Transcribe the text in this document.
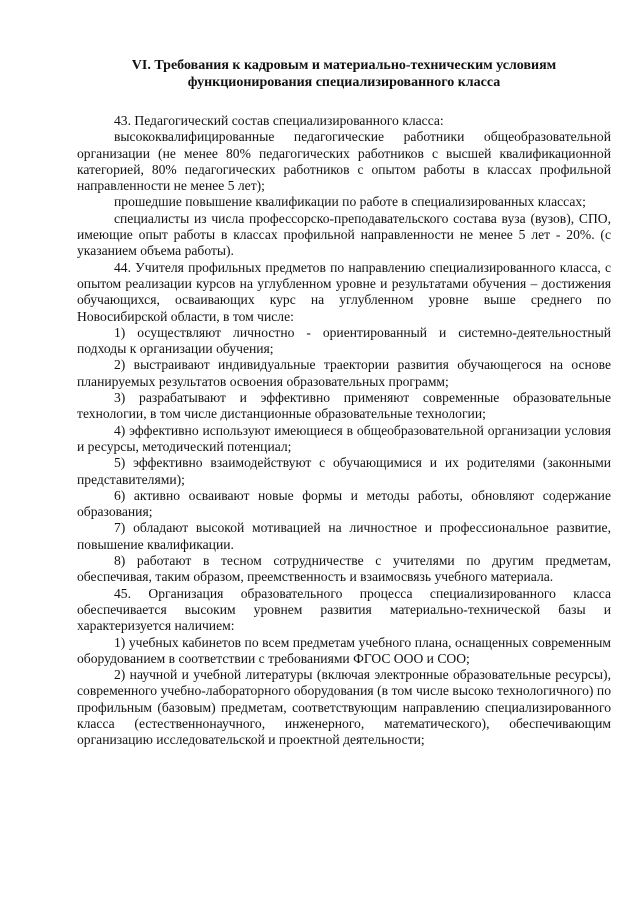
VI. Требования к кадровым и материально-техническим условиям функционирования специализированного класса

43. Педагогический состав специализированного класса:

высококвалифицированные педагогические работники общеобразовательной организации (не менее 80% педагогических работников с высшей квалификационной категорией, 80% педагогических работников с опытом работы в классах профильной направленности не менее 5 лет);

прошедшие повышение квалификации по работе в специализированных классах;

специалисты из числа профессорско-преподавательского состава вуза (вузов), СПО, имеющие опыт работы в классах профильной направленности не менее 5 лет - 20%. (с указанием объема работы).

44. Учителя профильных предметов по направлению специализированного класса, с опытом реализации курсов на углубленном уровне и результатами обучения – достижения обучающихся, осваивающих курс на углубленном уровне выше среднего по Новосибирской области, в том числе:

1) осуществляют личностно - ориентированный и системно-деятельностный подходы к организации обучения;

2) выстраивают индивидуальные траектории развития обучающегося на основе планируемых результатов освоения образовательных программ;

3) разрабатывают и эффективно применяют современные образовательные технологии, в том числе дистанционные образовательные технологии;

4) эффективно используют имеющиеся в общеобразовательной организации условия и ресурсы, методический потенциал;

5) эффективно взаимодействуют с обучающимися и их родителями (законными представителями);

6) активно осваивают новые формы и методы работы, обновляют содержание образования;

7) обладают высокой мотивацией на личностное и профессиональное развитие, повышение квалификации.

8) работают в тесном сотрудничестве с учителями по другим предметам, обеспечивая, таким образом, преемственность и взаимосвязь учебного материала.

45. Организация образовательного процесса специализированного класса обеспечивается высоким уровнем развития материально-технической базы и характеризуется наличием:

1) учебных кабинетов по всем предметам учебного плана, оснащенных современным оборудованием в соответствии с требованиями ФГОС ООО и СОО;

2) научной и учебной литературы (включая электронные образовательные ресурсы), современного учебно-лабораторного оборудования (в том числе высоко технологичного) по профильным (базовым) предметам, соответствующим направлению специализированного класса (естественнонаучного, инженерного, математического), обеспечивающим организацию исследовательской и проектной деятельности;
